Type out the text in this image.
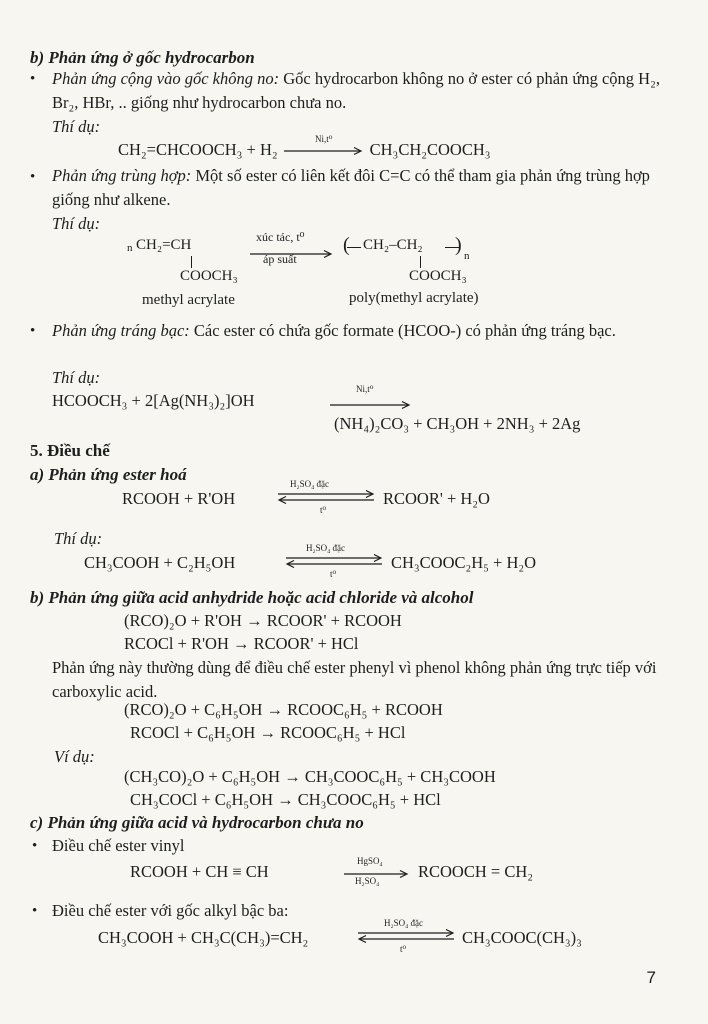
b) Phản ứng ở gốc hydrocarbon
• Phản ứng cộng vào gốc không no: Gốc hydrocarbon không no ở ester có phản ứng cộng H₂, Br₂, HBr, .. giống như hydrocarbon chưa no.
Thí dụ:
CH₂=CHCOOCH₃ + H₂
Ni,t⁰
CH₃CH₂COOCH₃
• Phản ứng trùng hợp: Một số ester có liên kết đôi C=C có thể tham gia phản ứng trùng hợp giống như alkene.
Thí dụ:
n CH₂=CH
COOCH₃
methyl acrylate
xúc tác, t⁰
áp suất
( CH₂–CH₂ ) n
COOCH₃
poly(methyl acrylate)
• Phản ứng tráng bạc: Các ester có chứa gốc formate (HCOO-) có phản ứng tráng bạc.
Thí dụ:
HCOOCH₃ + 2[Ag(NH₃)₂]OH
Ni,t⁰
(NH₄)₂CO₃ + CH₃OH + 2NH₃ + 2Ag
5. Điều chế
a) Phản ứng ester hoá
RCOOH + R'OH
H₂SO₄ đặc
t⁰
RCOOR' + H₂O
Thí dụ:
CH₃COOH + C₂H₅OH
H₂SO₄ đặc
t⁰
CH₃COOC₂H₅ + H₂O
b) Phản ứng giữa acid anhydride hoặc acid chloride và alcohol
(RCO)₂O + R'OH → RCOOR' + RCOOH
RCOCl + R'OH → RCOOR' + HCl
Phản ứng này thường dùng để điều chế ester phenyl vì phenol không phản ứng trực tiếp với carboxylic acid.
(RCO)₂O + C₆H₅OH → RCOOC₆H₅ + RCOOH
RCOCl + C₆H₅OH → RCOOC₆H₅ + HCl
Ví dụ:
(CH₃CO)₂O + C₆H₅OH → CH₃COOC₆H₅ + CH₃COOH
CH₃COCl + C₆H₅OH → CH₃COOC₆H₅ + HCl
c) Phản ứng giữa acid và hydrocarbon chưa no
• Điều chế ester vinyl
RCOOH + CH ≡ CH
HgSO₄
H₂SO₄ RCOOCH = CH₂
• Điều chế ester với gốc alkyl bậc ba:
CH₃COOH + CH₃C(CH₃)=CH₂
H₂SO₄ đặc
t⁰
CH₃COOC(CH₃)₃
7
